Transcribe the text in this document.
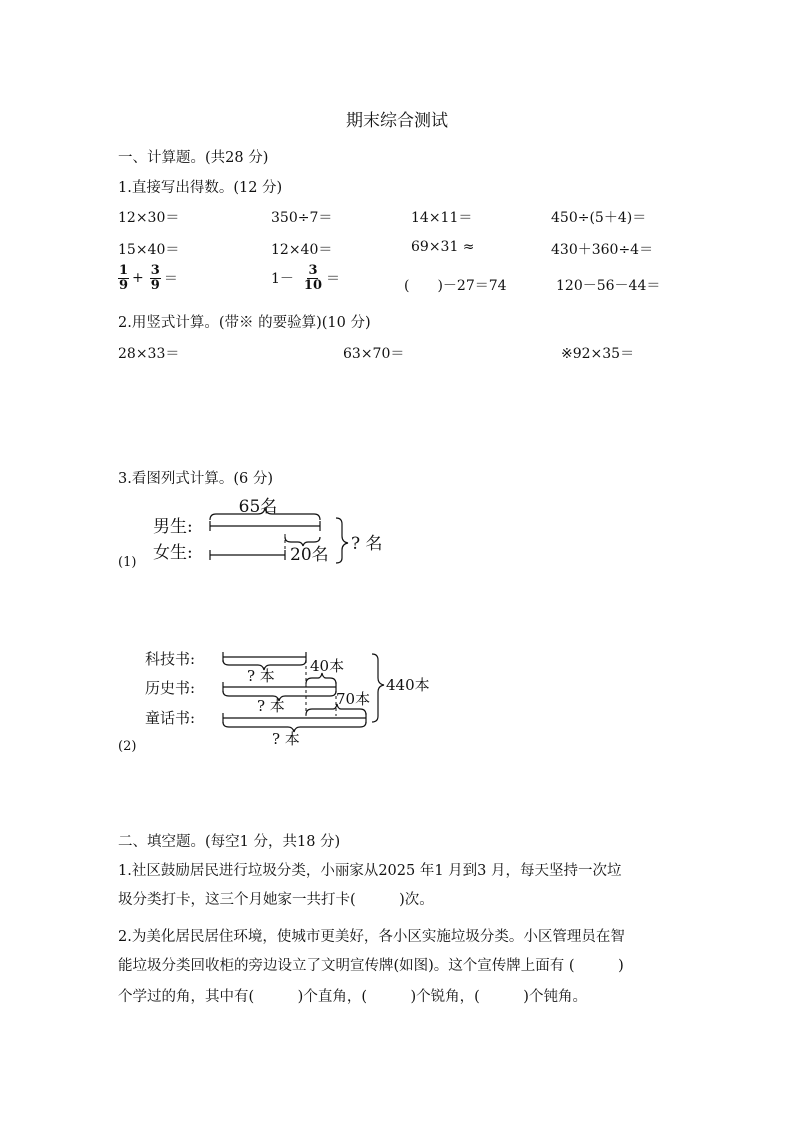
期末综合测试
一、计算题。(共28 分)
1.直接写出得数。(12 分)
12×30＝	350÷7＝	14×11＝	450÷(5＋4)＝
15×40＝	12×40＝	69×31 ≈	430＋360÷4＝
$\frac{1}{9} + \frac{3}{9}$ ＝	$1- \frac{3}{10}$ ＝	(　　)－27＝74	120－56－44＝
2.用竖式计算。(带※ 的要验算)(10 分)
28×33＝	63×70＝	※92×35＝
3.看图列式计算。(6 分)
(1)
男生:
女生:
65名
20名
? 名
(2)
科技书:
历史书:
童话书:
? 本
40本
? 本	70本
? 本
440本
二、填空题。(每空1 分，共18 分)
1.社区鼓励居民进行垃圾分类，小丽家从2025 年1 月到3 月，每天坚持一次垃
圾分类打卡，这三个月她家一共打卡(　　　)次。
2.为美化居民居住环境，使城市更美好，各小区实施垃圾分类。小区管理员在智
能垃圾分类回收柜的旁边设立了文明宣传牌(如图)。这个宣传牌上面有 (　　　)
个学过的角，其中有(　　　)个直角，(　　　)个锐角，(　　　)个钝角。
